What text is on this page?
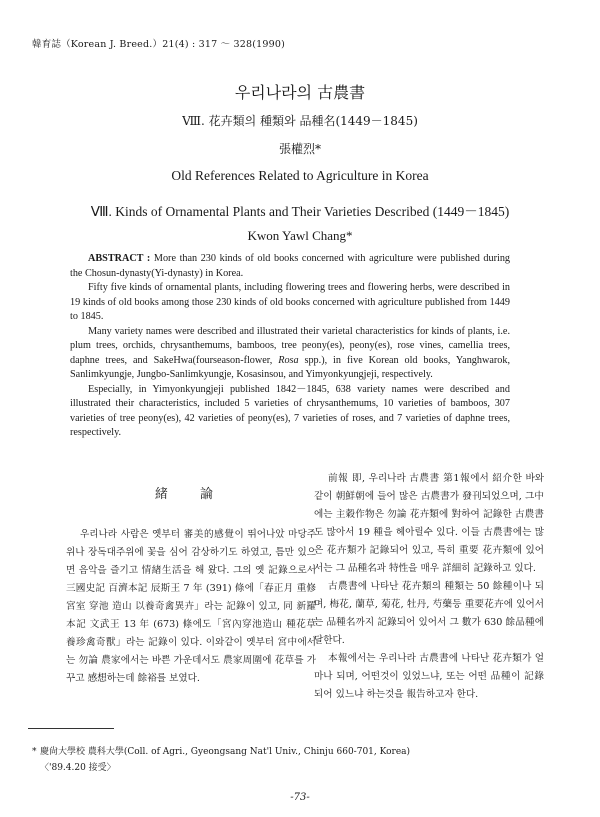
韓育誌（Korean J. Breed.）21(4) : 317 ～ 328(1990)
우리나라의 古農書
Ⅷ. 花卉類의 種類와 品種名(1449－1845)
張權烈*
Old References Related to Agriculture in Korea
Ⅷ. Kinds of Ornamental Plants and Their Varieties Described (1449－1845)
Kwon Yawl Chang*

ABSTRACT : More than 230 kinds of old books concerned with agriculture were published during the Chosun-dynasty(Yi-dynasty) in Korea.

Fifty five kinds of ornamental plants, including flowering trees and flowering herbs, were described in 19 kinds of old books among those 230 kinds of old books concerned with agriculture published from 1449 to 1845.

Many variety names were described and illustrated their varietal characteristics for kinds of plants, i.e. plum trees, orchids, chrysanthemums, bamboos, tree peony(es), peony(es), rose vines, camellia trees, daphne trees, and SakeHwa(fourseason-flower, Rosa spp.), in five Korean old books, Yanghwarok, Sanlimkyungje, Jungbo-Sanlimkyungje, Kosasinsou, and Yimyonkyungjeji, respectively.

Especially, in Yimyonkyungjeji published 1842－1845, 638 variety names were described and illustrated their characteristics, included 5 varieties of chrysanthemums, 10 varieties of bamboos, 307 varieties of tree peony(es), 42 varieties of peony(es), 7 varieties of roses, and 7 varieties of daphne trees, respectively.

緒 論

우리나라 사람은 옛부터 審美的感覺이 뛰어나았 마당주위나 장독대주위에 꽃을 심어 감상하기도 하였고, 틈만 있으면 음악을 즐기고 情緖生活을 해 왔다. 그의 옛 記錄으로서 三國史記 百濟本記 辰斯王 7 年 (391) 條에「春正月 重修宮室 穿池 造山 以養奇禽異卉」라는 記錄이 있고, 同 新羅本記 文武王 13 年 (673) 條에도「宮內穿池造山 種花草 養珍禽奇獸」라는 記錄이 있다. 이와같이 옛부터 宮中에서는 勿論 農家에서는 바쁜 가운데서도 農家周圍에 花草를 가꾸고 感想하는데 餘裕를 보였다.

前報 即, 우리나라 古農書 第1報에서 紹介한 바와같이 朝鮮朝에 들어 많은 古農書가 發刊되었으며, 그中에는 主穀作物은 勿論 花卉類에 對하여 記錄한 古農書도 많아서 19 種을 헤아릴수 있다. 이들 古農書에는 많은 花卉類가 記錄되어 있고, 특히 重要 花卉類에 있어서는 그 品種名과 特性을 매우 詳細히 記錄하고 있다.

古農書에 나타난 花卉類의 種類는 50 餘種이나 되며, 梅花, 蘭草, 菊花, 牡丹, 芍藥등 重要花卉에 있어서는 品種名까지 記錄되어 있어서 그 數가 630 餘品種에 달한다.

本報에서는 우리나라 古農書에 나타난 花卉類가 얼마나 되며, 어떤것이 있었느냐, 또는 어떤 品種이 記錄되어 있느냐 하는것을 報告하고자 한다.

* 慶尙大學校 農科大學(Coll. of Agri., Gyeongsang Nat'l Univ., Chinju 660-701, Korea)
〈'89.4.20 接受〉
-73-
